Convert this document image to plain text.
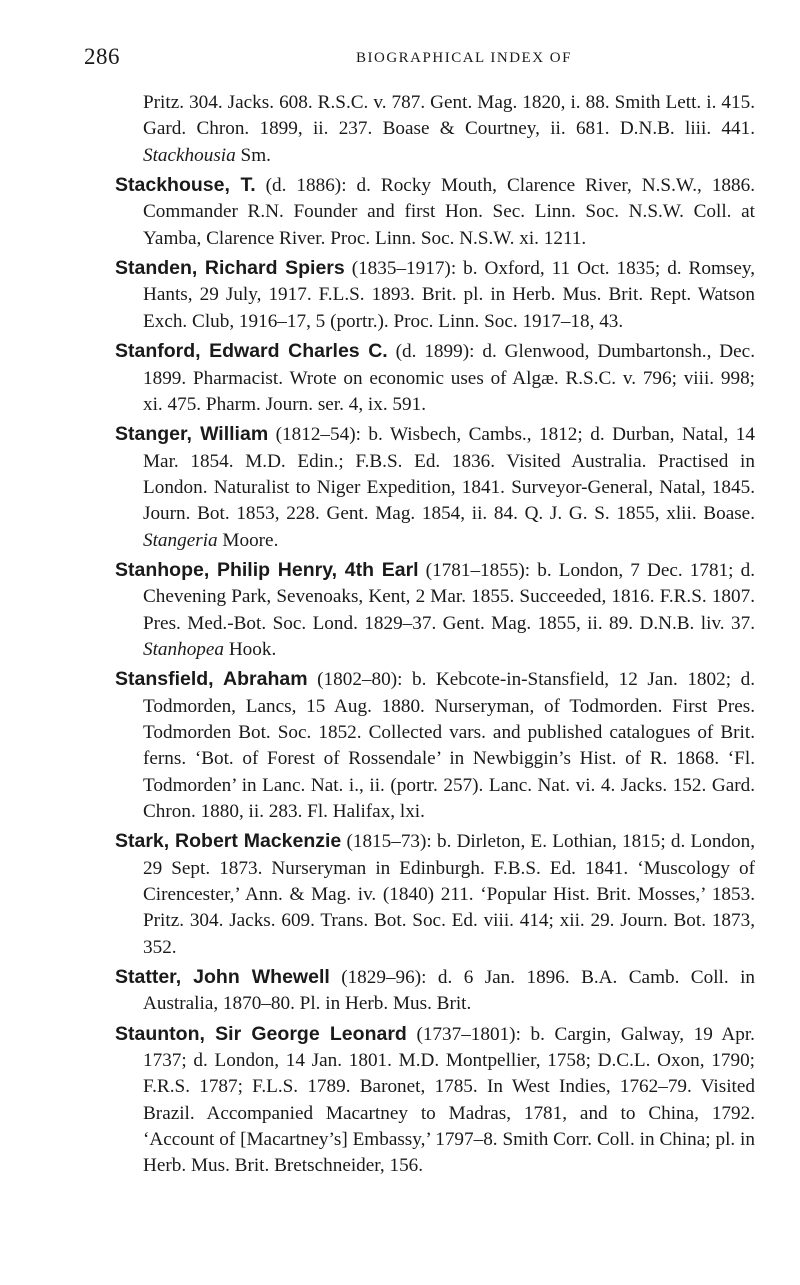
286	BIOGRAPHICAL INDEX OF

Pritz. 304. Jacks. 608. R.S.C. v. 787. Gent. Mag. 1820, i. 88. Smith Lett. i. 415. Gard. Chron. 1899, ii. 237. Boase & Courtney, ii. 681. D.N.B. liii. 441. Stackhousia Sm.

Stackhouse, T. (d. 1886): d. Rocky Mouth, Clarence River, N.S.W., 1886. Commander R.N. Founder and first Hon. Sec. Linn. Soc. N.S.W. Coll. at Yamba, Clarence River. Proc. Linn. Soc. N.S.W. xi. 1211.

Standen, Richard Spiers (1835–1917): b. Oxford, 11 Oct. 1835; d. Romsey, Hants, 29 July, 1917. F.L.S. 1893. Brit. pl. in Herb. Mus. Brit. Rept. Watson Exch. Club, 1916–17, 5 (portr.). Proc. Linn. Soc. 1917–18, 43.

Stanford, Edward Charles C. (d. 1899): d. Glenwood, Dumbartonsh., Dec. 1899. Pharmacist. Wrote on economic uses of Algæ. R.S.C. v. 796; viii. 998; xi. 475. Pharm. Journ. ser. 4, ix. 591.

Stanger, William (1812–54): b. Wisbech, Cambs., 1812; d. Durban, Natal, 14 Mar. 1854. M.D. Edin.; F.B.S. Ed. 1836. Visited Australia. Practised in London. Naturalist to Niger Expedition, 1841. Surveyor-General, Natal, 1845. Journ. Bot. 1853, 228. Gent. Mag. 1854, ii. 84. Q. J. G. S. 1855, xlii. Boase. Stangeria Moore.

Stanhope, Philip Henry, 4th Earl (1781–1855): b. London, 7 Dec. 1781; d. Chevening Park, Sevenoaks, Kent, 2 Mar. 1855. Succeeded, 1816. F.R.S. 1807. Pres. Med.-Bot. Soc. Lond. 1829–37. Gent. Mag. 1855, ii. 89. D.N.B. liv. 37. Stanhopea Hook.

Stansfield, Abraham (1802–80): b. Kebcote-in-Stansfield, 12 Jan. 1802; d. Todmorden, Lancs, 15 Aug. 1880. Nurseryman, of Todmorden. First Pres. Todmorden Bot. Soc. 1852. Collected vars. and published catalogues of Brit. ferns. ‘Bot. of Forest of Rossendale’ in Newbiggin’s Hist. of R. 1868. ‘Fl. Todmorden’ in Lanc. Nat. i., ii. (portr. 257). Lanc. Nat. vi. 4. Jacks. 152. Gard. Chron. 1880, ii. 283. Fl. Halifax, lxi.

Stark, Robert Mackenzie (1815–73): b. Dirleton, E. Lothian, 1815; d. London, 29 Sept. 1873. Nurseryman in Edinburgh. F.B.S. Ed. 1841. ‘Muscology of Cirencester,’ Ann. & Mag. iv. (1840) 211. ‘Popular Hist. Brit. Mosses,’ 1853. Pritz. 304. Jacks. 609. Trans. Bot. Soc. Ed. viii. 414; xii. 29. Journ. Bot. 1873, 352.

Statter, John Whewell (1829–96): d. 6 Jan. 1896. B.A. Camb. Coll. in Australia, 1870–80. Pl. in Herb. Mus. Brit.

Staunton, Sir George Leonard (1737–1801): b. Cargin, Galway, 19 Apr. 1737; d. London, 14 Jan. 1801. M.D. Montpellier, 1758; D.C.L. Oxon, 1790; F.R.S. 1787; F.L.S. 1789. Baronet, 1785. In West Indies, 1762–79. Visited Brazil. Accompanied Macartney to Madras, 1781, and to China, 1792. ‘Account of [Macartney’s] Embassy,’ 1797–8. Smith Corr. Coll. in China; pl. in Herb. Mus. Brit. Bretschneider, 156.
